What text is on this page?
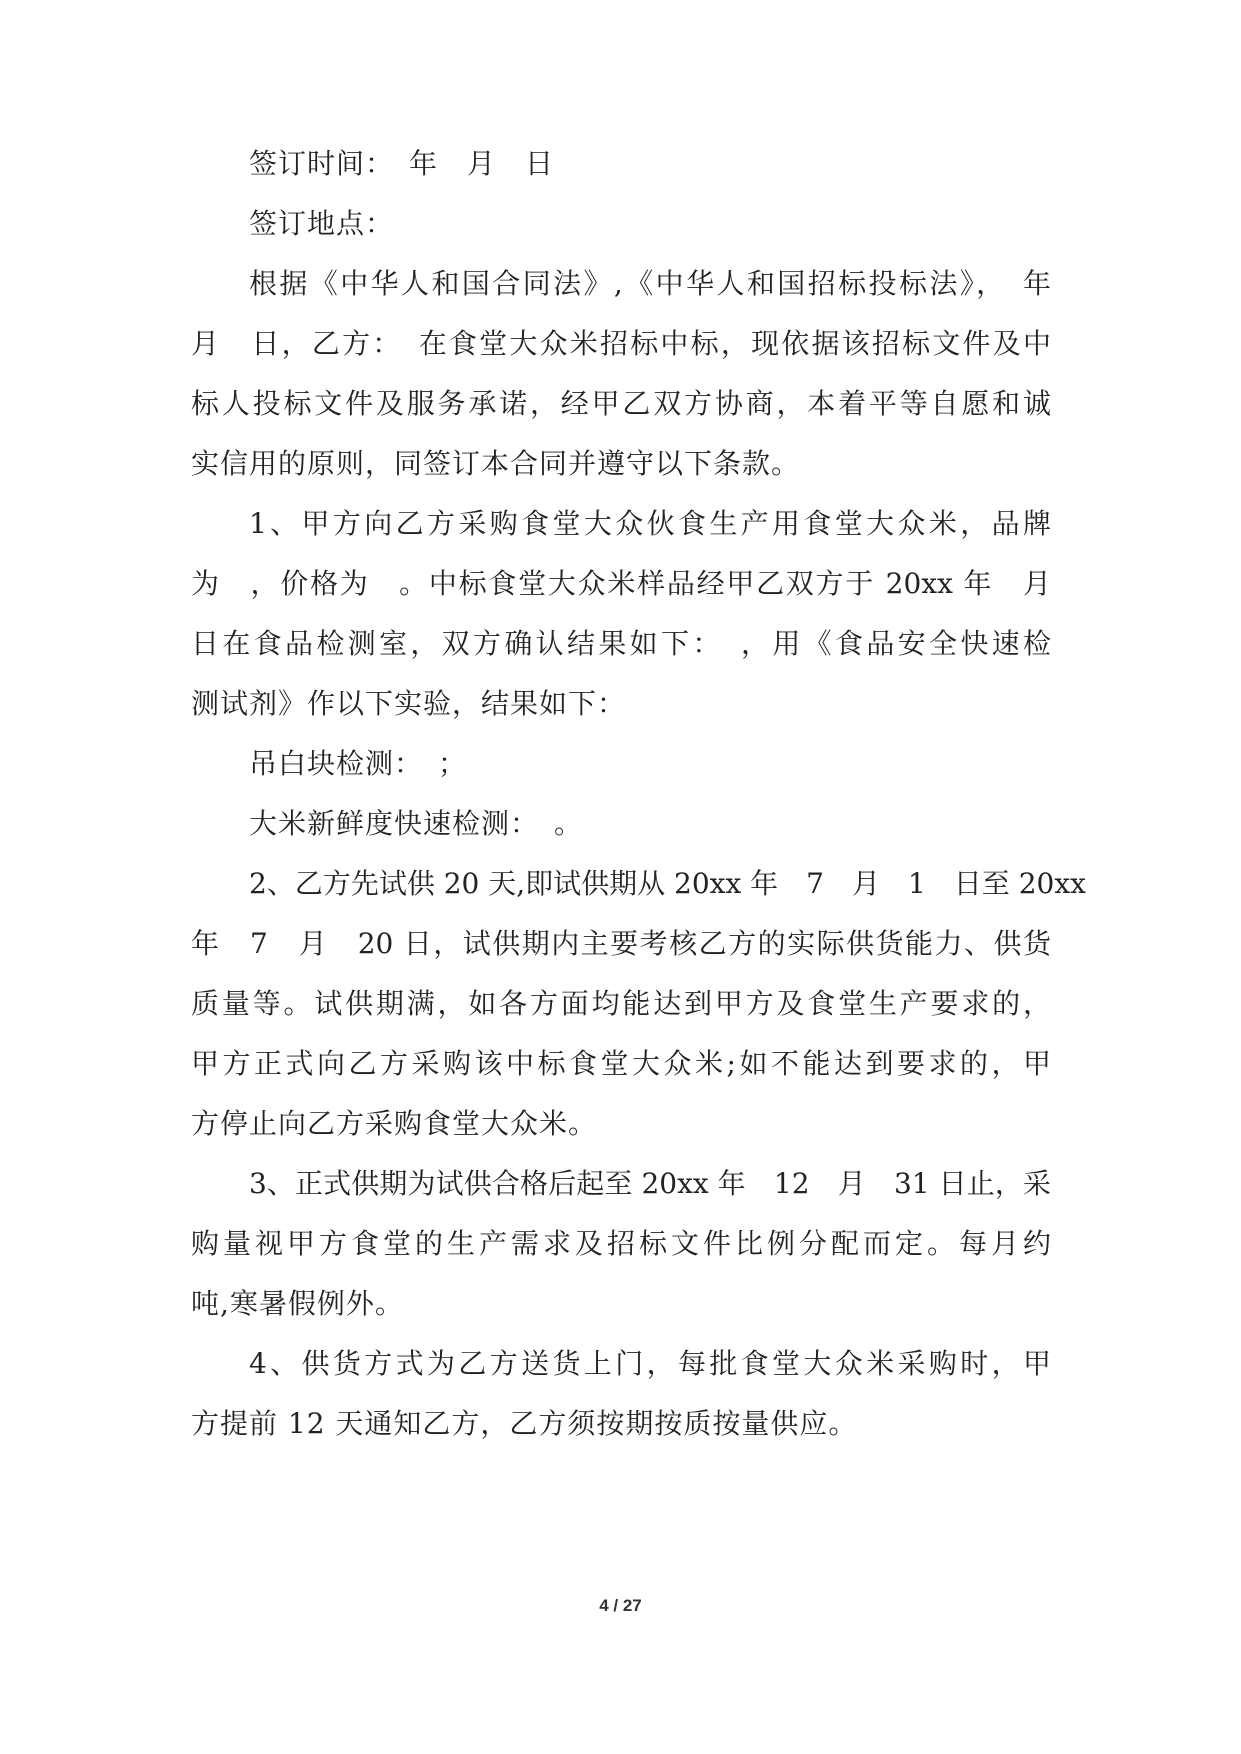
签订时间：　年　月　日
签订地点：
根据《中华人和国合同法》,《中华人和国招标投标法》，　年
月　日，乙方：　在食堂大众米招标中标，现依据该招标文件及中
标人投标文件及服务承诺，经甲乙双方协商，本着平等自愿和诚
实信用的原则，同签订本合同并遵守以下条款。
1、甲方向乙方采购食堂大众伙食生产用食堂大众米，品牌
为　，价格为　。中标食堂大众米样品经甲乙双方于 20xx 年　月
日在食品检测室，双方确认结果如下：　，用《食品安全快速检
测试剂》作以下实验，结果如下：
吊白块检测：　；
大米新鲜度快速检测：　。
2、乙方先试供 20 天,即试供期从 20xx 年　7　月　1　日至 20xx
年　7　月　20 日，试供期内主要考核乙方的实际供货能力、供货
质量等。试供期满，如各方面均能达到甲方及食堂生产要求的，
甲方正式向乙方采购该中标食堂大众米;如不能达到要求的，甲
方停止向乙方采购食堂大众米。
3、正式供期为试供合格后起至 20xx 年　12　月　31 日止，采
购量视甲方食堂的生产需求及招标文件比例分配而定。每月约
吨,寒暑假例外。
4、供货方式为乙方送货上门，每批食堂大众米采购时，甲
方提前 12 天通知乙方，乙方须按期按质按量供应。
4 / 27
